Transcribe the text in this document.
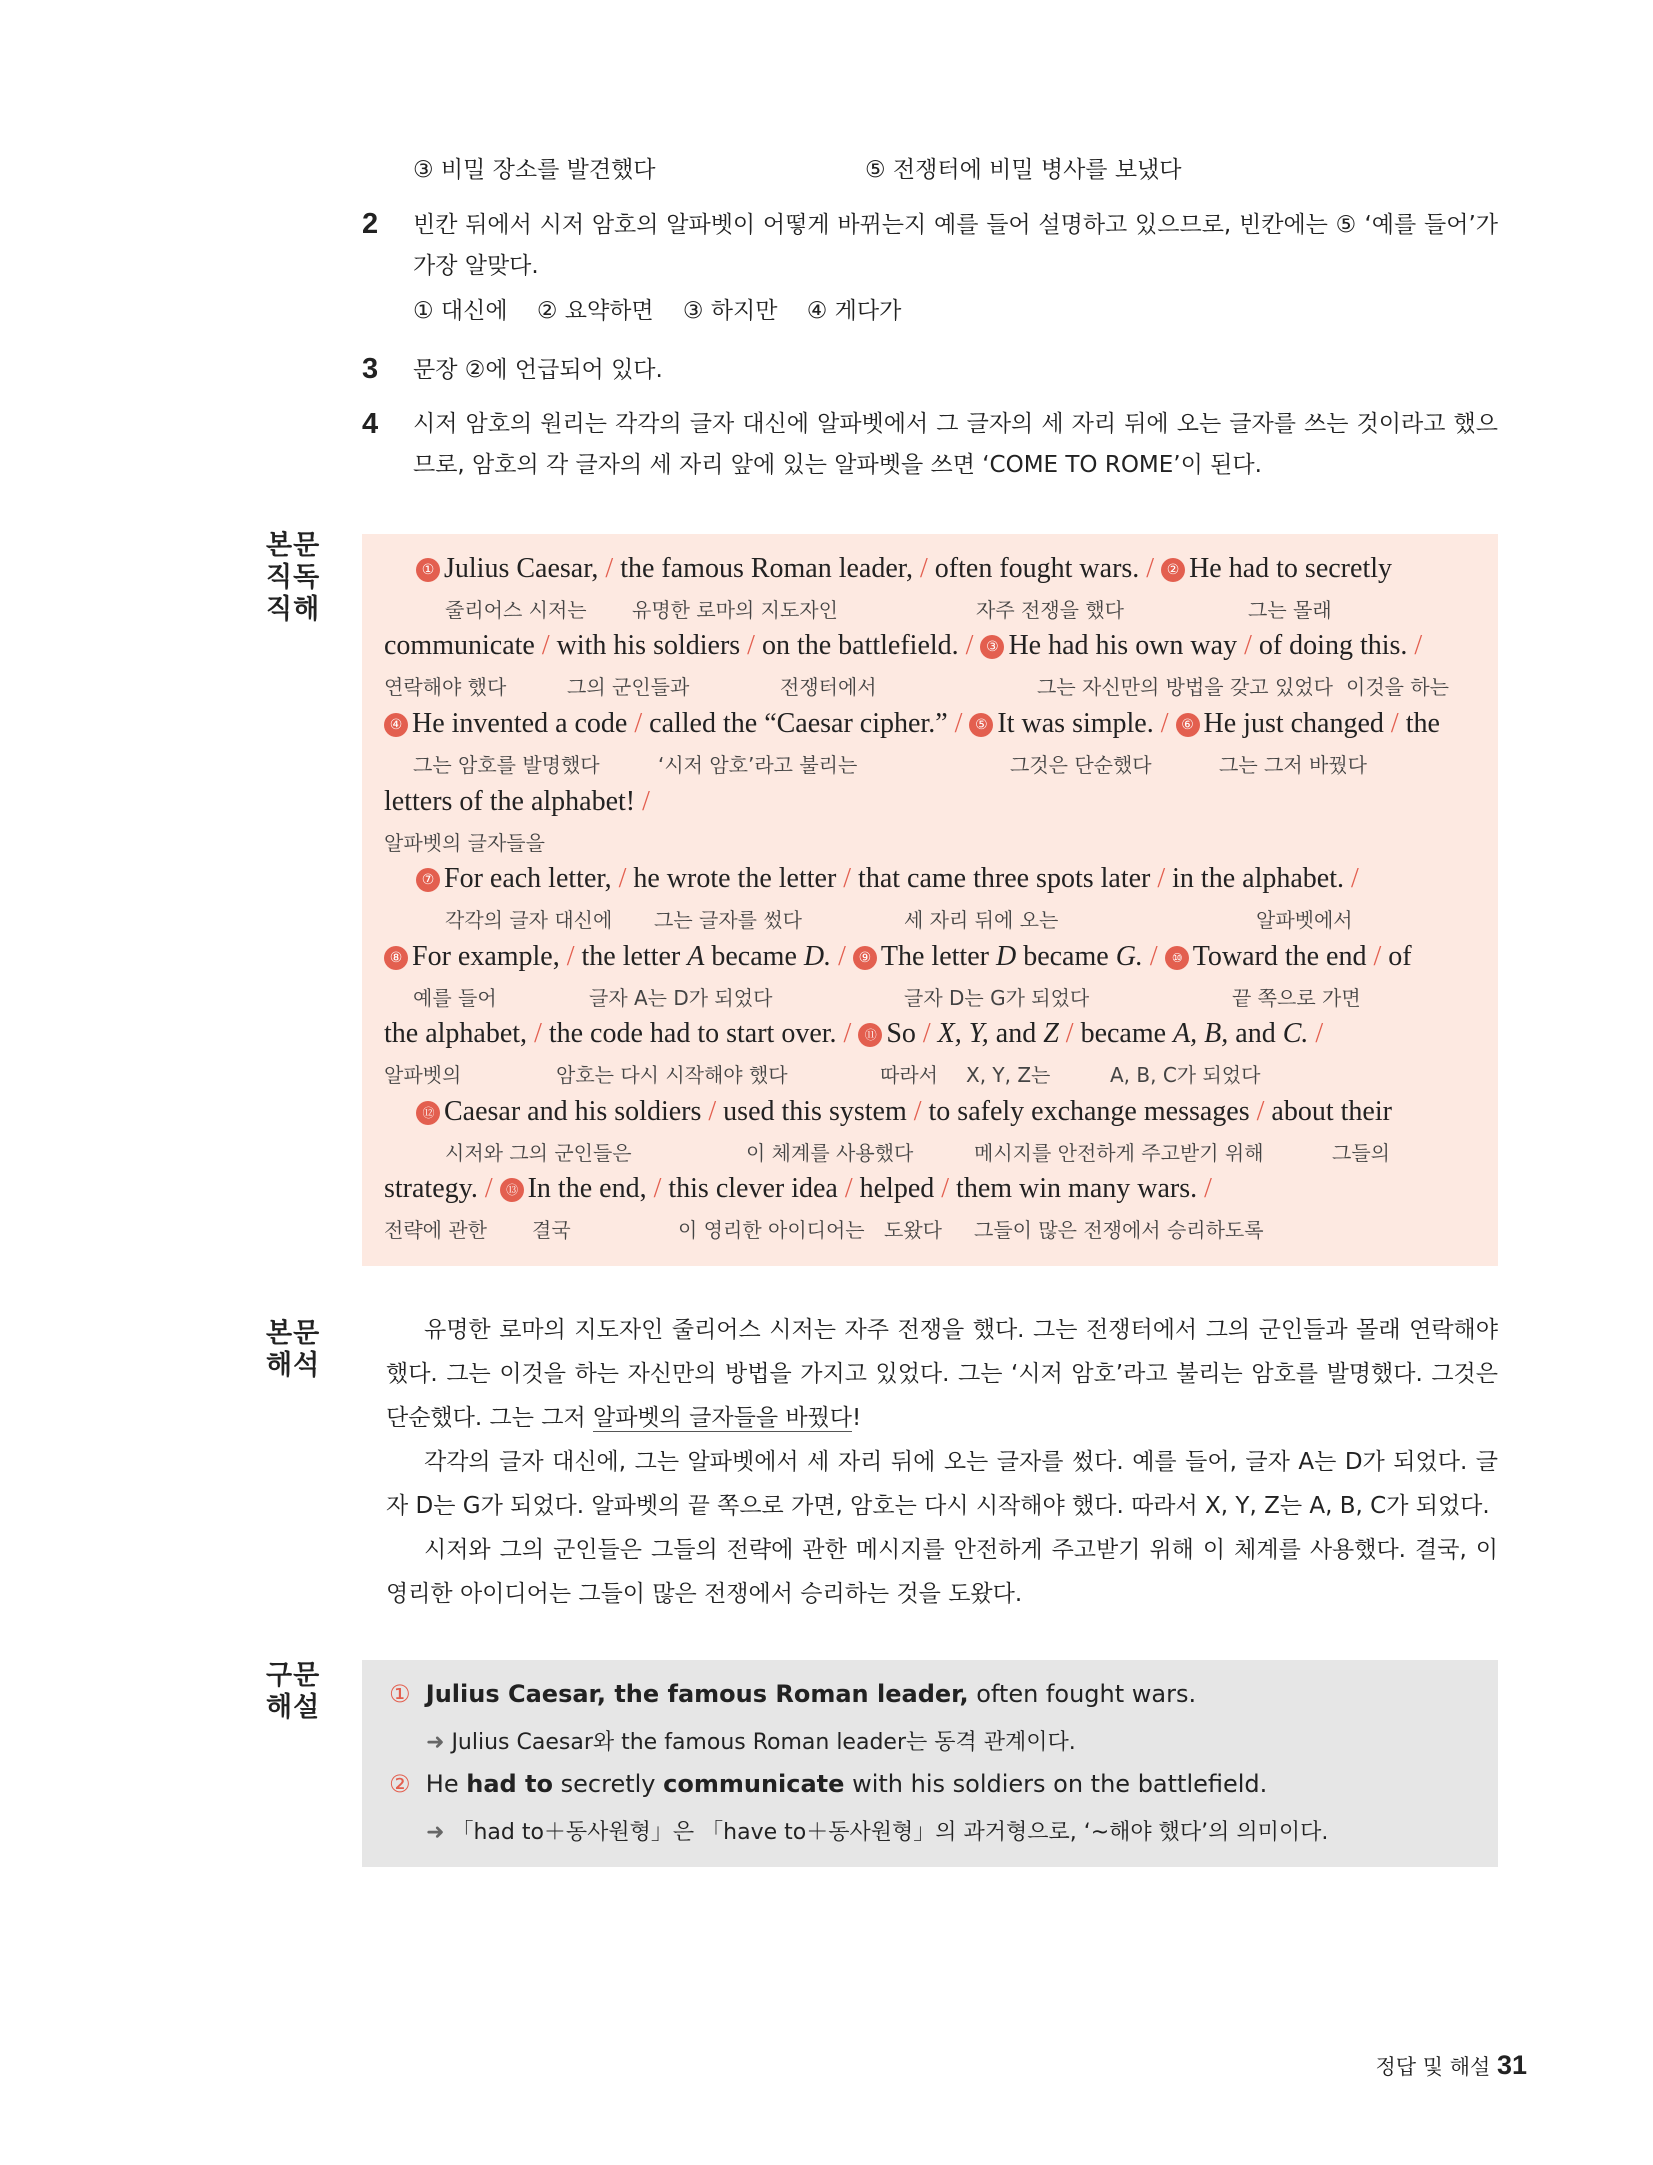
③ 비밀 장소를 발견했다	⑤ 전쟁터에 비밀 병사를 보냈다
2 빈칸 뒤에서 시저 암호의 알파벳이 어떻게 바뀌는지 예를 들어 설명하고 있으므로, 빈칸에는 ⑤ ‘예를 들어’가 가장 알맞다.
① 대신에    ② 요약하면    ③ 하지만    ④ 게다가
3 문장 ②에 언급되어 있다.
4 시저 암호의 원리는 각각의 글자 대신에 알파벳에서 그 글자의 세 자리 뒤에 오는 글자를 쓰는 것이라고 했으므로, 암호의 각 글자의 세 자리 앞에 있는 알파벳을 쓰면 ‘COME TO ROME’이 된다.
본문
직독
직해
본문
해석
구문
해설
① Julius Caesar, / the famous Roman leader, / often fought wars. / ② He had to secretly
줄리어스 시저는 유명한 로마의 지도자인	자주 전쟁을 했다	그는 몰래
communicate / with his soldiers / on the battlefield. / ③ He had his own way / of doing this. /
연락해야 했다	그의 군인들과	전쟁터에서	그는 자신만의 방법을 갖고 있었다 이것을 하는
④ He invented a code / called the “Caesar cipher.” / ⑤ It was simple. / ⑥ He just changed / the
그는 암호를 발명했다	‘시저 암호’라고 불리는	그것은 단순했다	그는 그저 바꿨다
letters of the alphabet! /
알파벳의 글자들을
⑦ For each letter, / he wrote the letter / that came three spots later / in the alphabet. /
각각의 글자 대신에 그는 글자를 썼다	세 자리 뒤에 오는	알파벳에서
⑧ For example, / the letter A became D. / ⑨ The letter D became G. / ⑩ Toward the end / of
예를 들어	글자 A는 D가 되었다	글자 D는 G가 되었다	끝 쪽으로 가면
the alphabet, / the code had to start over. / ⑪ So / X, Y, and Z / became A, B, and C. /
알파벳의	암호는 다시 시작해야 했다	따라서 X, Y, Z는	A, B, C가 되었다
⑫ Caesar and his soldiers / used this system / to safely exchange messages / about their
시저와 그의 군인들은	이 체계를 사용했다	메시지를 안전하게 주고받기 위해	그들의
strategy. / ⑬ In the end, / this clever idea / helped / them win many wars. /
전략에 관한 결국	이 영리한 아이디어는 도왔다 그들이 많은 전쟁에서 승리하도록
유명한 로마의 지도자인 줄리어스 시저는 자주 전쟁을 했다. 그는 전쟁터에서 그의 군인들과 몰래 연락해야 했다. 그는 이것을 하는 자신만의 방법을 가지고 있었다. 그는 ‘시저 암호’라고 불리는 암호를 발명했다. 그것은 단순했다. 그는 그저 알파벳의 글자들을 바꿨다!
각각의 글자 대신에, 그는 알파벳에서 세 자리 뒤에 오는 글자를 썼다. 예를 들어, 글자 A는 D가 되었다. 글자 D는 G가 되었다. 알파벳의 끝 쪽으로 가면, 암호는 다시 시작해야 했다. 따라서 X, Y, Z는 A, B, C가 되었다.
시저와 그의 군인들은 그들의 전략에 관한 메시지를 안전하게 주고받기 위해 이 체계를 사용했다. 결국, 이 영리한 아이디어는 그들이 많은 전쟁에서 승리하는 것을 도왔다.
① Julius Caesar, the famous Roman leader, often fought wars.
➜ Julius Caesar와 the famous Roman leader는 동격 관계이다.
② He had to secretly communicate with his soldiers on the battlefield.
➜ 「had to＋동사원형」은 「have to＋동사원형」의 과거형으로, ‘~해야 했다’의 의미이다.
정답 및 해설 31
